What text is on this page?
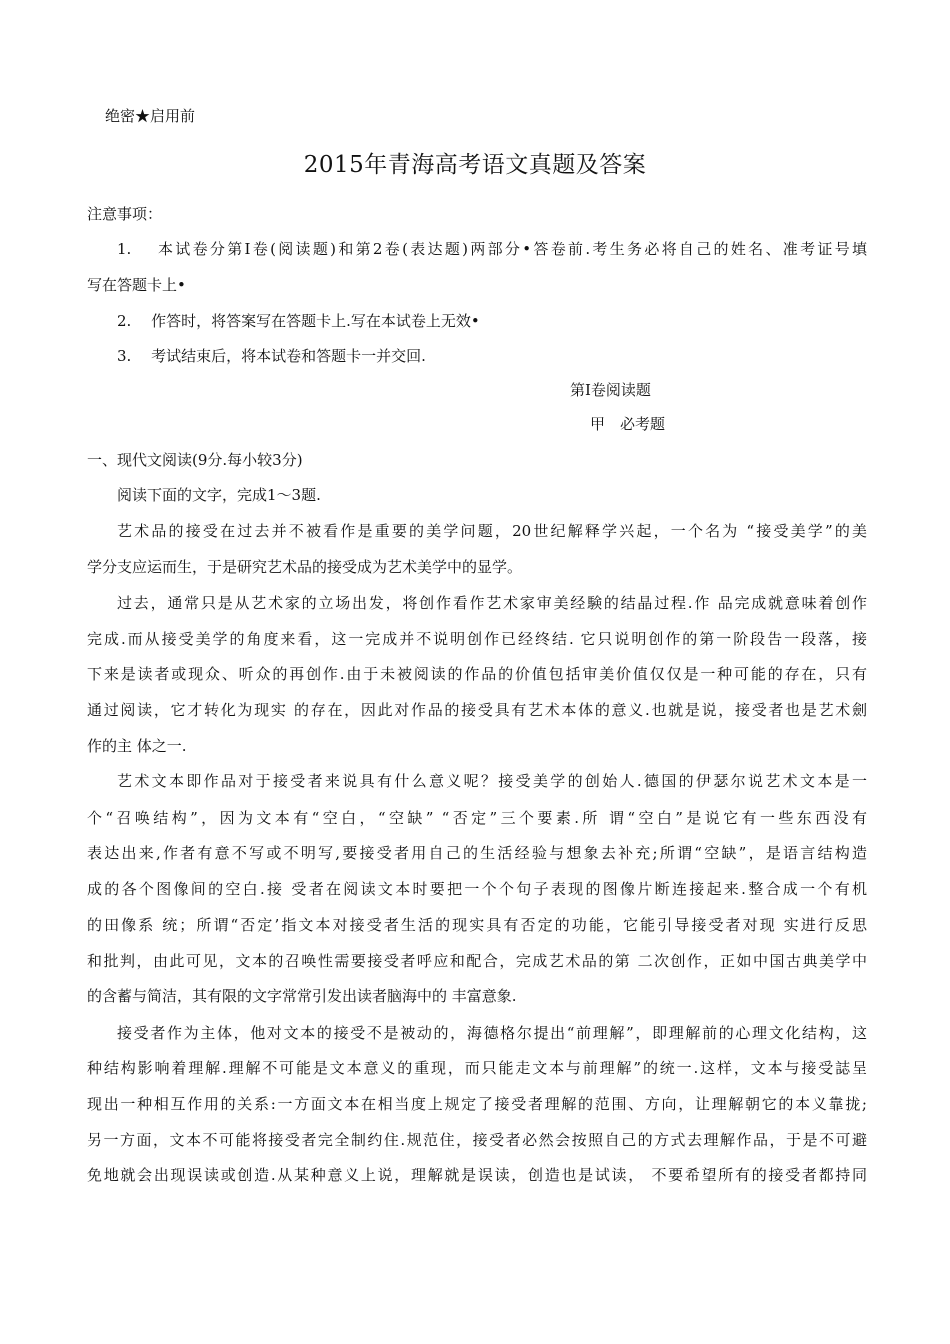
绝密★启用前
2015年青海高考语文真题及答案
注意事项：
1.　 本试卷分第I卷(阅读题)和第2卷(表达题)两部分•答卷前.考生务必将自己的姓名、准考证号填
写在答题卡上•
2.　 作答时，将答案写在答题卡上.写在本试卷上无效•
3.　 考试结束后，将本试卷和答题卡一并交回.
第I卷阅读题
甲　必考题
一、现代文阅读(9分.每小较3分)
阅读下面的文字，完成1〜3题.
艺术品的接受在过去并不被看作是重要的美学问题，20世纪解释学兴起，一个名为 “接受美学”的美
学分支应运而生，于是研究艺术品的接受成为艺术美学中的显学。
过去，通常只是从艺术家的立场出发，将创作看作艺术家审美经験的结晶过程.作 品完成就意味着创作
完成.而从接受美学的角度来看，这一完成并不说明创作已经终结. 它只说明创作的第一阶段告一段落，接
下来是读者或现众、听众的再创作.由于未被阅读的作品的价值包括审美价值仅仅是一种可能的存在，只有
通过阅读，它才转化为现实 的存在，因此对作品的接受具有艺术本体的意义.也就是说，接受者也是艺术劍
作的主 体之一.
艺术文本即作品对于接受者来说具有什么意义呢？接受美学的创始人.德国的伊瑟尔说艺术文本是一
个“召唤结构”，因为文本有“空白，“空缺” “否定”三个要素.所 谓“空白”是说它有一些东西没有
表达出来,作者有意不写或不明写,要接受者用自己的生活经验与想象去补充;所谓“空缺”，是语言结构造
成的各个图像间的空白.接 受者在阅读文本时要把一个个句子表现的图像片断连接起来.整合成一个有机
的田像系 统；所谓“否定’指文本对接受者生活的现实具有否定的功能，它能引导接受者对现 实进行反思
和批判，由此可见，文本的召唤性需要接受者呼应和配合，完成艺术品的第 二次创作，正如中国古典美学中
的含蓄与简洁，其有限的文字常常引发出读者脑海中的 丰富意象.
接受者作为主体，他对文本的接受不是被动的，海德格尔提出“前理解”，即理解前的心理文化结构，这
种结构影响着理解.理解不可能是文本意义的重现，而只能走文本与前理解”的统一.这样，文本与接受誌呈
现出一种相互作用的关系:一方面文本在相当度上规定了接受者理解的范围、方向，让理解朝它的本义靠拢;
另一方面，文本不可能将接受者完全制约住.规范住，接受者必然会按照自己的方式去理解作品，于是不可避
免地就会出现误读或创造.从某种意义上说，理解就是误读，创造也是试读， 不要希望所有的接受者都持同
